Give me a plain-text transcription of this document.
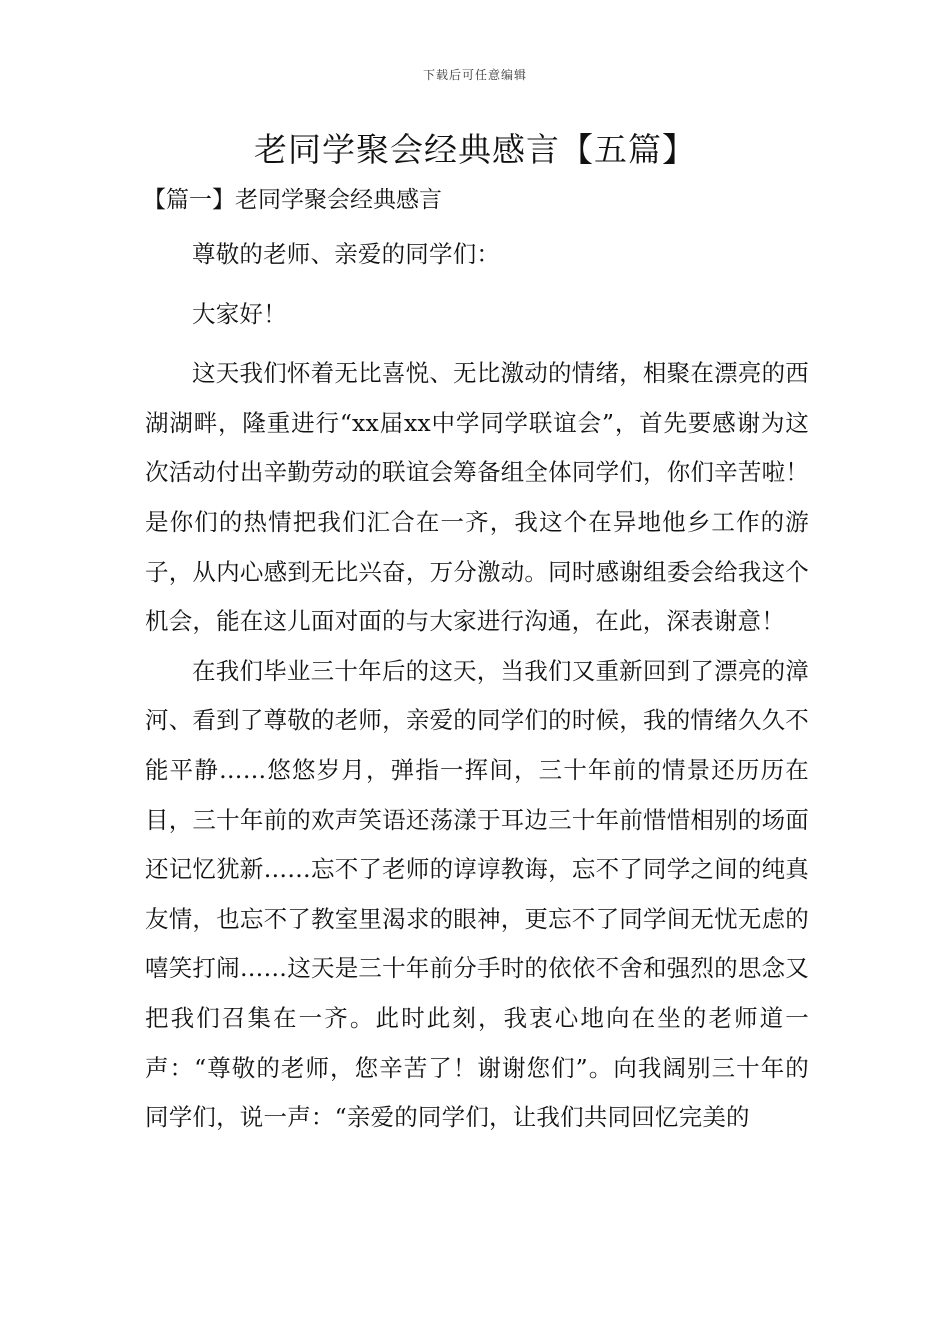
下载后可任意编辑
老同学聚会经典感言【五篇】
【篇一】老同学聚会经典感言

尊敬的老师、亲爱的同学们：

大家好！

这天我们怀着无比喜悦、无比激动的情绪，相聚在漂亮的西湖湖畔，隆重进行“xx届xx中学同学联谊会”，首先要感谢为这次活动付出辛勤劳动的联谊会筹备组全体同学们，你们辛苦啦！是你们的热情把我们汇合在一齐，我这个在异地他乡工作的游子，从内心感到无比兴奋，万分激动。同时感谢组委会给我这个机会，能在这儿面对面的与大家进行沟通，在此，深表谢意！

在我们毕业三十年后的这天，当我们又重新回到了漂亮的漳河、看到了尊敬的老师，亲爱的同学们的时候，我的情绪久久不能平静……悠悠岁月，弹指一挥间，三十年前的情景还历历在目，三十年前的欢声笑语还荡漾于耳边三十年前惜惜相别的场面还记忆犹新……忘不了老师的谆谆教诲，忘不了同学之间的纯真友情，也忘不了教室里渴求的眼神，更忘不了同学间无忧无虑的嘻笑打闹……这天是三十年前分手时的依依不舍和强烈的思念又把我们召集在一齐。此时此刻，我衷心地向在坐的老师道一声：“尊敬的老师，您辛苦了！谢谢您们”。向我阔别三十年的同学们，说一声：“亲爱的同学们，让我们共同回忆完美的
